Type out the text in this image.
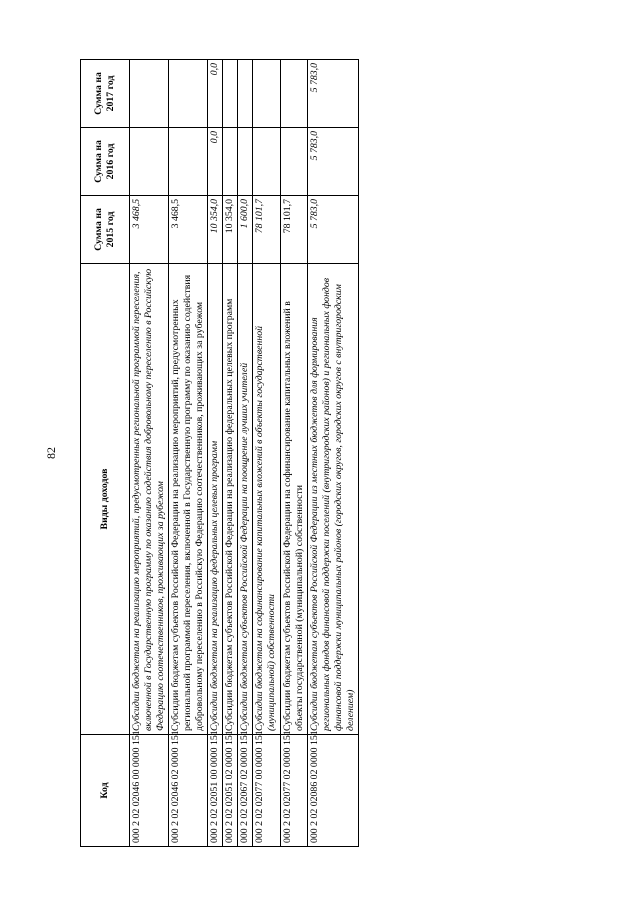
82
Код	Виды доходов	Сумма на 2015 год	Сумма на 2016 год	Сумма на 2017 год

000 2 02 02046 00 0000 151	Субсидии бюджетам на реализацию мероприятий, предусмотренных региональной программой переселения, включенной в Государственную программу по оказанию содействия добровольному переселению в Российскую Федерацию соотечественников, проживающих за рубежом	3 468,5		
000 2 02 02046 02 0000 151	Субсидии бюджетам субъектов Российской Федерации на реализацию мероприятий, предусмотренных региональной программой переселения, включенной в Государственную программу по оказанию содействия добровольному переселению в Российскую Федерацию соотечественников, проживающих за рубежом	3 468,5		
000 2 02 02051 00 0000 151	Субсидии бюджетам на реализацию федеральных целевых программ	10 354,0	0,0	0,0
000 2 02 02051 02 0000 151	Субсидии бюджетам субъектов Российской Федерации на реализацию федеральных целевых программ	10 354,0		
000 2 02 02067 02 0000 151	Субсидии бюджетам субъектов Российской Федерации на поощрение лучших учителей	1 600,0		
000 2 02 02077 00 0000 151	Субсидии бюджетам на софинансирование капитальных вложений в объекты государственной (муниципальной) собственности	78 101,7		
000 2 02 02077 02 0000 151	Субсидии бюджетам субъектов Российской Федерации на софинансирование капитальных вложений в объекты государственной (муниципальной) собственности	78 101,7		
000 2 02 02086 02 0000 151	Субсидии бюджетам субъектов Российской Федерации из местных бюджетов для формирования региональных фондов финансовой поддержки поселений (внутригородских районов) и региональных фондов финансовой поддержки муниципальных районов (городских округов, городских округов с внутригородским делением)	5 783,0	5 783,0	5 783,0
